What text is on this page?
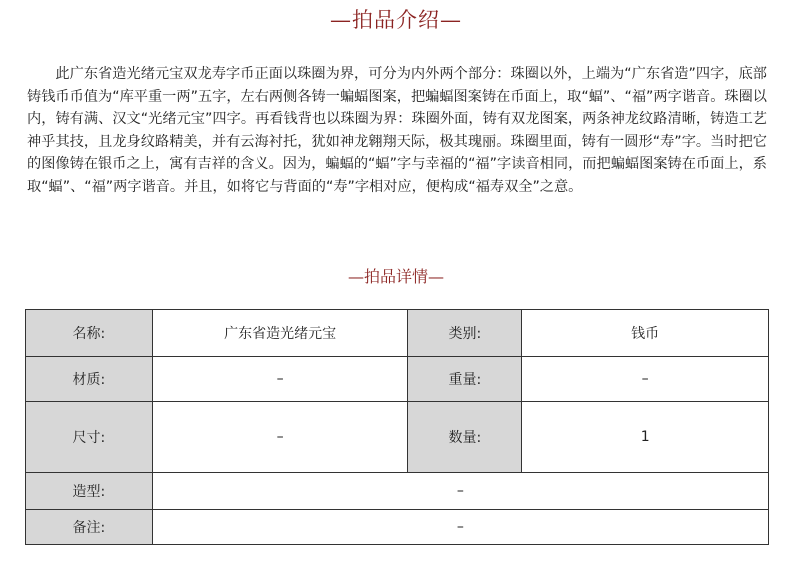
—拍品介绍—
此广东省造光绪元宝双龙寿字币正面以珠圈为界，可分为内外两个部分：珠圈以外，上端为“广东省造”四字，底部铸钱币币值为“库平重一两”五字，左右两侧各铸一蝙蝠图案，把蝙蝠图案铸在币面上，取“蝠”、“福”两字谐音。珠圈以内，铸有满、汉文“光绪元宝”四字。再看钱背也以珠圈为界：珠圈外面，铸有双龙图案，两条神龙纹路清晰，铸造工艺神乎其技，且龙身纹路精美，并有云海衬托，犹如神龙翱翔天际，极其瑰丽。珠圈里面，铸有一圆形“寿”字。当时把它的图像铸在银币之上，寓有吉祥的含义。因为，蝙蝠的“蝠”字与幸福的“福”字读音相同，而把蝙蝠图案铸在币面上，系取“蝠”、“福”两字谐音。并且，如将它与背面的“寿”字相对应，便构成“福寿双全”之意。
—拍品详情—
名称:	广东省造光绪元宝	类别:	钱币
材质:	–	重量:	–
尺寸:	–	数量:	1
造型:	–		
备注:	–		
